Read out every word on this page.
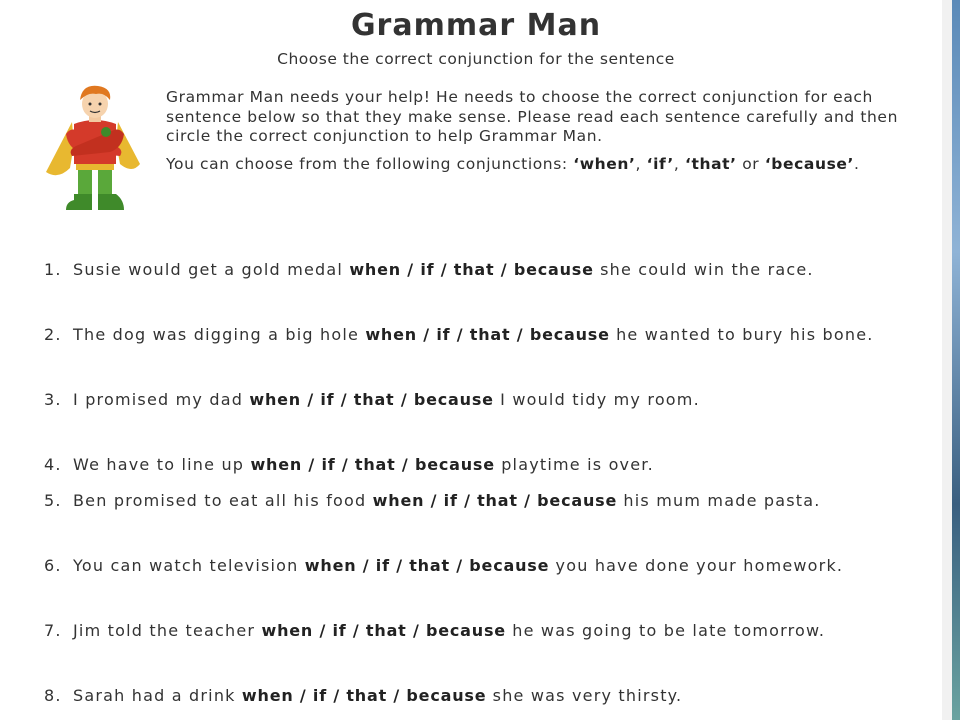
Grammar Man
Choose the correct conjunction for the sentence

Grammar Man needs your help! He needs to choose the correct conjunction for each sentence below so that they make sense. Please read each sentence carefully and then circle the correct conjunction to help Grammar Man.

You can choose from the following conjunctions: ‘when’, ‘if’, ‘that’ or ‘because’.

1. Susie would get a gold medal when / if / that / because she could win the race.
2. The dog was digging a big hole when / if / that / because he wanted to bury his bone.
3. I promised my dad when / if / that / because I would tidy my room.
4. We have to line up when / if / that / because playtime is over.
5. Ben promised to eat all his food when / if / that / because his mum made pasta.
6. You can watch television when / if / that / because you have done your homework.
7. Jim told the teacher when / if / that / because he was going to be late tomorrow.
8. Sarah had a drink when / if / that / because she was very thirsty.
